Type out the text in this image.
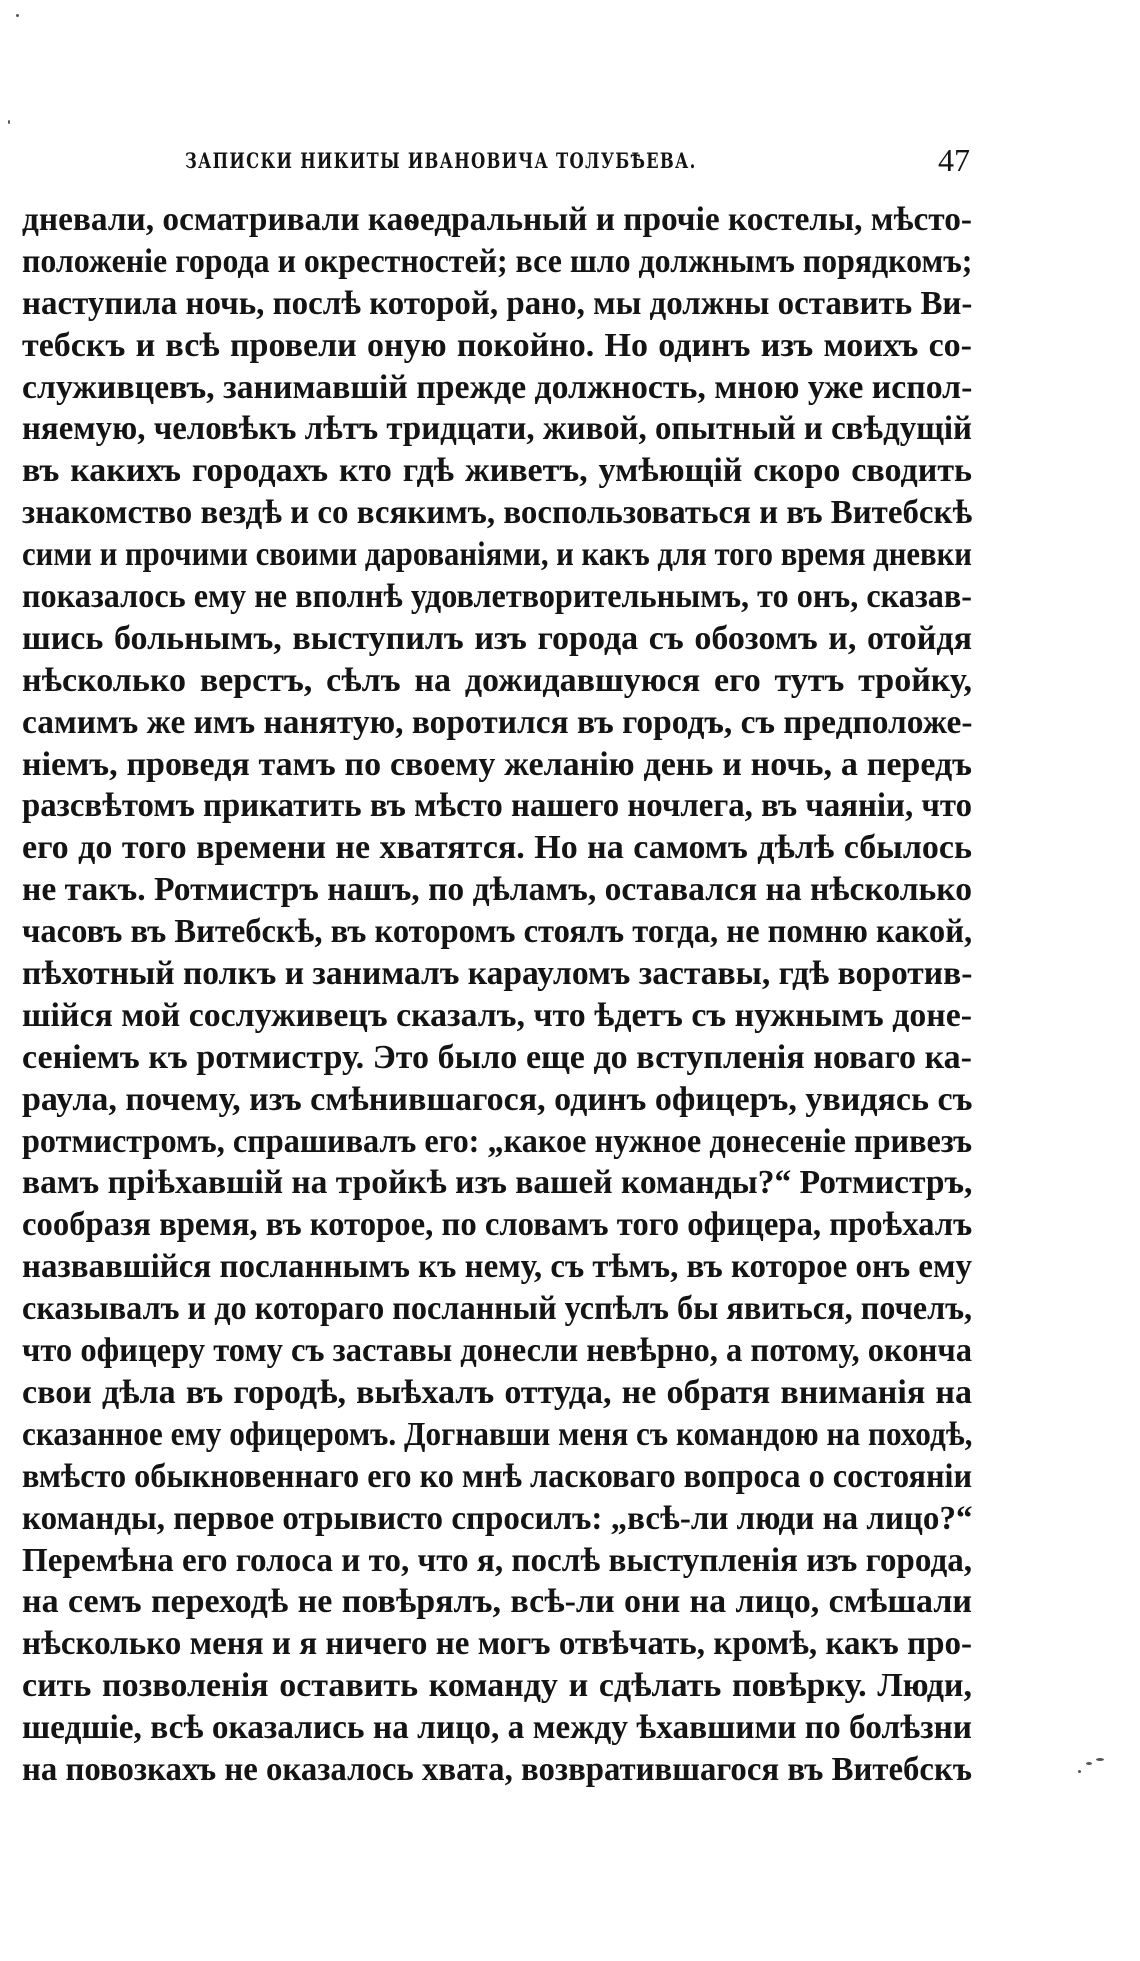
ЗАПИСКИ НИКИТЫ ИВАНОВИЧА ТОЛУБѢЕВА.	47
дневали, осматривали каѳедральный и прочіе костелы, мѣсто-
положеніе города и окрестностей; все шло должнымъ порядкомъ;
наступила ночь, послѣ которой, рано, мы должны оставить Ви-
тебскъ и всѣ провели оную покойно. Но одинъ изъ моихъ со-
служивцевъ, занимавшій прежде должность, мною уже испол-
няемую, человѣкъ лѣтъ тридцати, живой, опытный и свѣдущій
въ какихъ городахъ кто гдѣ живетъ, умѣющій скоро сводить
знакомство вездѣ и со всякимъ, воспользоваться и въ Витебскѣ
сими и прочими своими дарованіями, и какъ для того время дневки
показалось ему не вполнѣ удовлетворительнымъ, то онъ, сказав-
шись больнымъ, выступилъ изъ города съ обозомъ и, отойдя
нѣсколько верстъ, сѣлъ на дожидавшуюся его тутъ тройку,
самимъ же имъ нанятую, воротился въ городъ, съ предположе-
ніемъ, проведя тамъ по своему желанію день и ночь, а передъ
разсвѣтомъ прикатить въ мѣсто нашего ночлега, въ чаяніи, что
его до того времени не хватятся. Но на самомъ дѣлѣ сбылось
не такъ. Ротмистръ нашъ, по дѣламъ, оставался на нѣсколько
часовъ въ Витебскѣ, въ которомъ стоялъ тогда, не помню какой,
пѣхотный полкъ и занималъ карауломъ заставы, гдѣ воротив-
шійся мой сослуживецъ сказалъ, что ѣдетъ съ нужнымъ доне-
сеніемъ къ ротмистру. Это было еще до вступленія новаго ка-
раула, почему, изъ смѣнившагося, одинъ офицеръ, увидясь съ
ротмистромъ, спрашивалъ его: „какое нужное донесеніе привезъ
вамъ пріѣхавшій на тройкѣ изъ вашей команды?“ Ротмистръ,
сообразя время, въ которое, по словамъ того офицера, проѣхалъ
назвавшійся посланнымъ къ нему, съ тѣмъ, въ которое онъ ему
сказывалъ и до котораго посланный успѣлъ бы явиться, почелъ,
что офицеру тому съ заставы донесли невѣрно, а потому, окончa
свои дѣла въ городѣ, выѣхалъ оттуда, не обратя вниманія на
сказанное ему офицеромъ. Догнавши меня съ командою на походѣ,
вмѣсто обыкновеннаго его ко мнѣ ласковаго вопроса о состояніи
команды, первое отрывисто спросилъ: „всѣ-ли люди на лицо?“
Перемѣна его голоса и то, что я, послѣ выступленія изъ города,
на семъ переходѣ не повѣрялъ, всѣ-ли они на лицо, смѣшали
нѣсколько меня и я ничего не могъ отвѣчать, кромѣ, какъ про-
сить позволенія оставить команду и сдѣлать повѣрку. Люди,
шедшіе, всѣ оказались на лицо, а между ѣхавшими по болѣзни
на повозкахъ не оказалось хвата, возвратившагося въ Витебскъ
